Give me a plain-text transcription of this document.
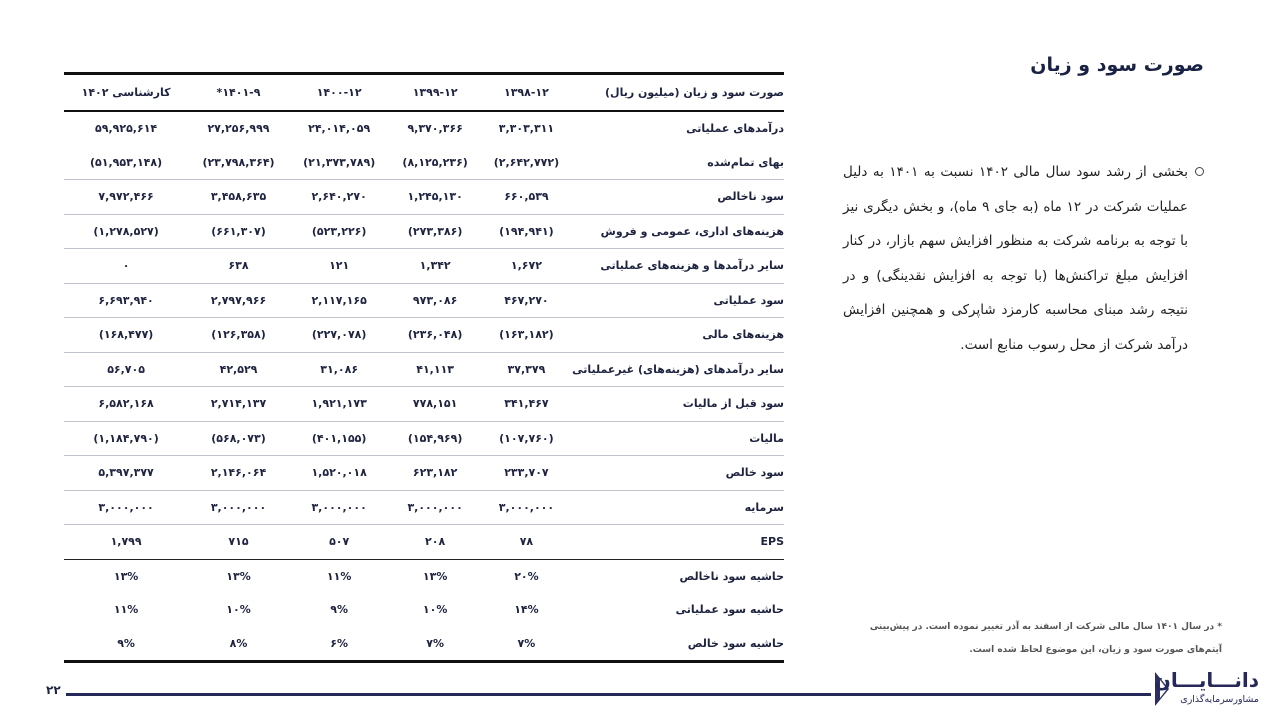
صورت سود و زیان
صورت سود و زیان (میلیون ریال)	۱۳۹۸-۱۲	۱۳۹۹-۱۲	۱۴۰۰-۱۲	۱۴۰۱-۹*	کارشناسی ۱۴۰۲
درآمدهای عملیاتی	۳,۳۰۳,۳۱۱	۹,۳۷۰,۳۶۶	۲۴,۰۱۴,۰۵۹	۲۷,۲۵۶,۹۹۹	۵۹,۹۲۵,۶۱۴
بهای تمام‌شده	(۲,۶۴۲,۷۷۲)	(۸,۱۲۵,۲۳۶)	(۲۱,۳۷۳,۷۸۹)	(۲۳,۷۹۸,۳۶۴)	(۵۱,۹۵۳,۱۴۸)
سود ناخالص	۶۶۰,۵۳۹	۱,۲۴۵,۱۳۰	۲,۶۴۰,۲۷۰	۳,۴۵۸,۶۳۵	۷,۹۷۲,۴۶۶
هزینه‌های اداری، عمومی و فروش	(۱۹۴,۹۴۱)	(۲۷۳,۳۸۶)	(۵۲۳,۲۲۶)	(۶۶۱,۳۰۷)	(۱,۲۷۸,۵۲۷)
سایر درآمدها و هزینه‌های عملیاتی	۱,۶۷۲	۱,۳۴۲	۱۲۱	۶۳۸	۰
سود عملیاتی	۴۶۷,۲۷۰	۹۷۳,۰۸۶	۲,۱۱۷,۱۶۵	۲,۷۹۷,۹۶۶	۶,۶۹۳,۹۴۰
هزینه‌های مالی	(۱۶۳,۱۸۲)	(۲۳۶,۰۴۸)	(۲۲۷,۰۷۸)	(۱۲۶,۳۵۸)	(۱۶۸,۴۷۷)
سایر درآمدهای (هزینه‌های) غیرعملیاتی	۳۷,۳۷۹	۴۱,۱۱۳	۳۱,۰۸۶	۴۲,۵۲۹	۵۶,۷۰۵
سود قبل از مالیات	۳۴۱,۴۶۷	۷۷۸,۱۵۱	۱,۹۲۱,۱۷۳	۲,۷۱۴,۱۳۷	۶,۵۸۲,۱۶۸
مالیات	(۱۰۷,۷۶۰)	(۱۵۴,۹۶۹)	(۴۰۱,۱۵۵)	(۵۶۸,۰۷۳)	(۱,۱۸۴,۷۹۰)
سود خالص	۲۳۳,۷۰۷	۶۲۳,۱۸۲	۱,۵۲۰,۰۱۸	۲,۱۴۶,۰۶۴	۵,۳۹۷,۳۷۷
سرمایه	۳,۰۰۰,۰۰۰	۳,۰۰۰,۰۰۰	۳,۰۰۰,۰۰۰	۳,۰۰۰,۰۰۰	۳,۰۰۰,۰۰۰
EPS	۷۸	۲۰۸	۵۰۷	۷۱۵	۱,۷۹۹
حاشیه سود ناخالص	۲۰%	۱۳%	۱۱%	۱۳%	۱۳%
حاشیه سود عملیاتی	۱۴%	۱۰%	۹%	۱۰%	۱۱%
حاشیه سود خالص	۷%	۷%	۶%	۸%	۹%
بخشی از رشد سود سال مالی ۱۴۰۲ نسبت به ۱۴۰۱ به دلیل عملیات شرکت در ۱۲ ماه (به جای ۹ ماه)، و بخش دیگری نیز با توجه به برنامه شرکت به منظور افزایش سهم بازار، در کنار افزایش مبلغ تراکنش‌ها (با توجه به افزایش نقدینگی) و در نتیجه رشد مبنای محاسبه کارمزد شاپرکی و همچنین افزایش درآمد شرکت از محل رسوب منابع است.
* در سال ۱۴۰۱ سال مالی شرکت از اسفند به آذر تغییر نموده است. در پیش‌بینی آیتم‌های صورت سود و زیان، این موضوع لحاظ شده است.
۲۲	دانـــایـــان
مشاورسرمایه‌گذاری
